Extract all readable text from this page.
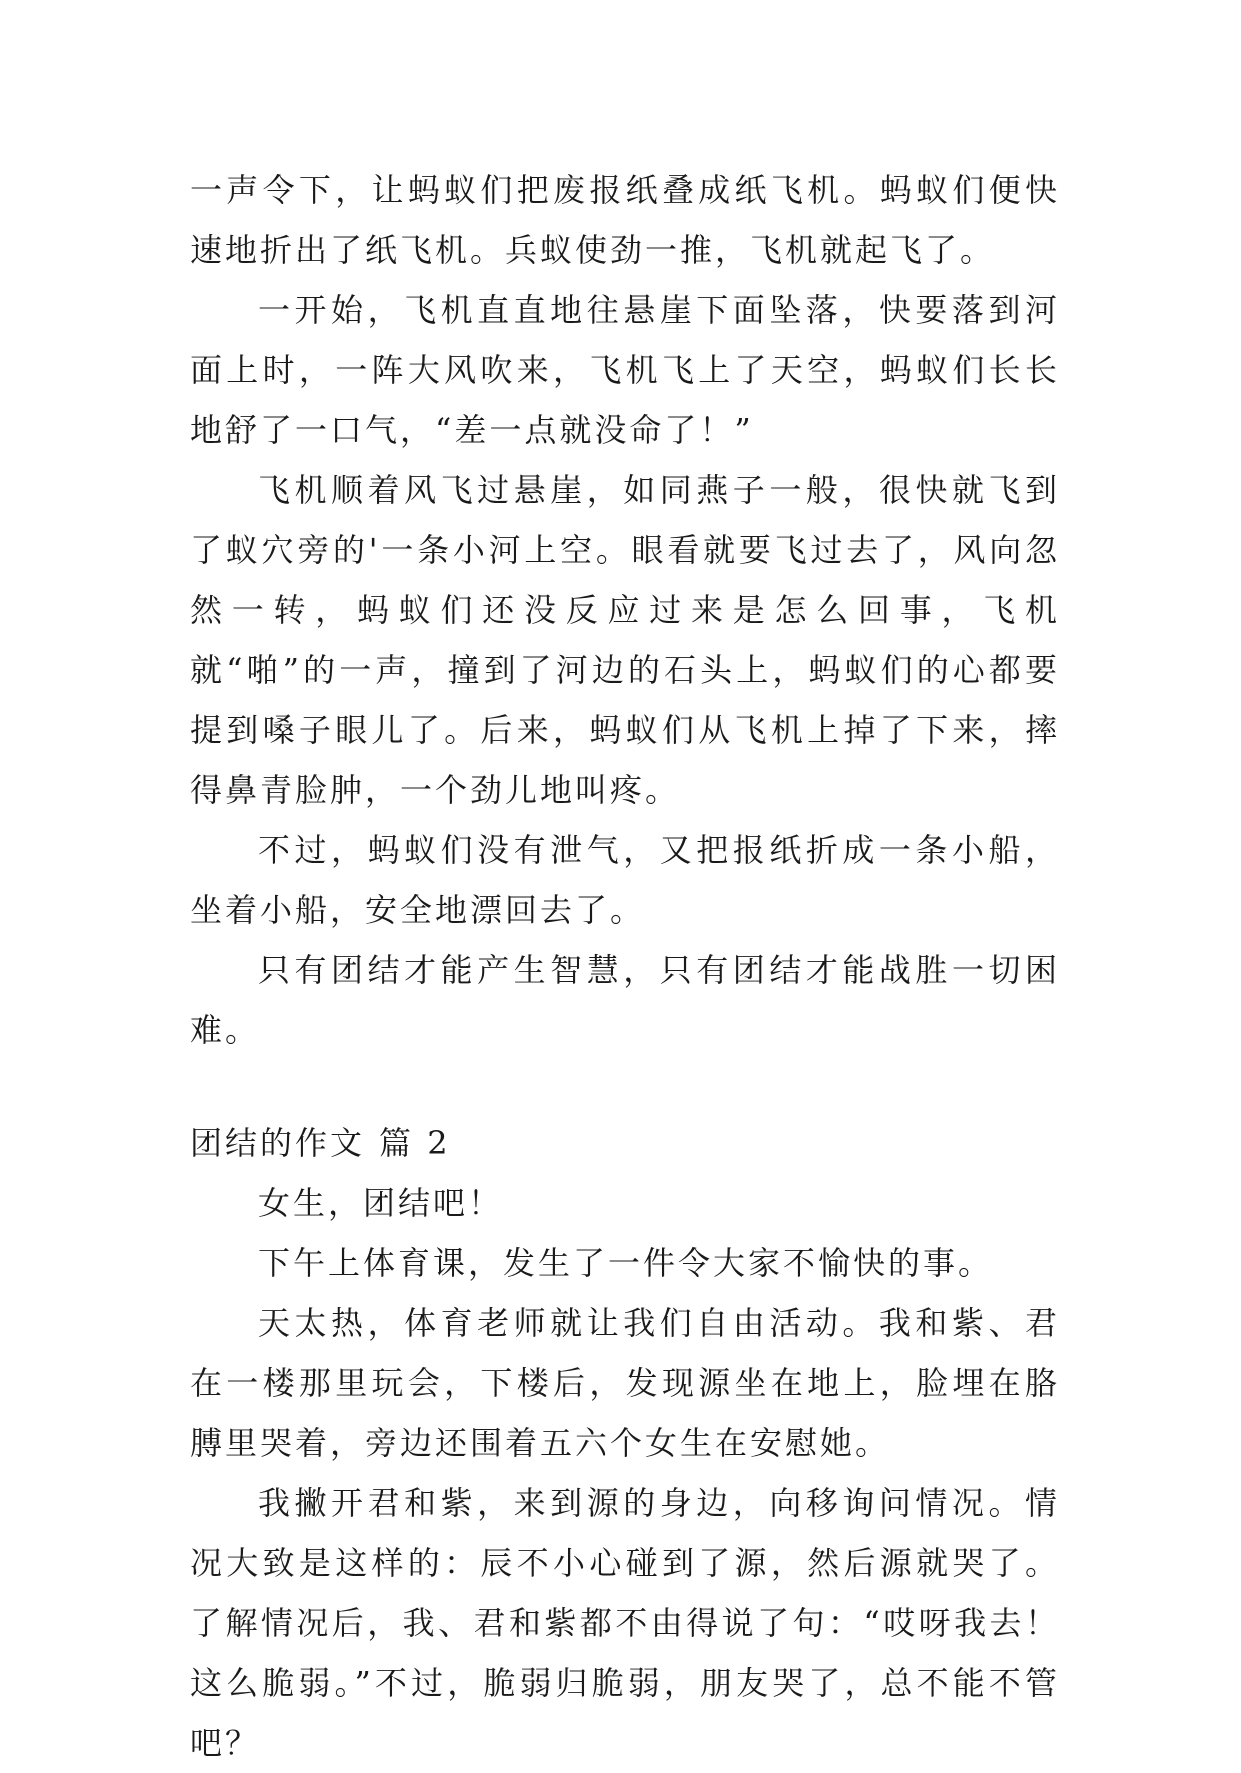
一声令下，让蚂蚁们把废报纸叠成纸飞机。蚂蚁们便快速地折出了纸飞机。兵蚁使劲一推，飞机就起飞了。

一开始，飞机直直地往悬崖下面坠落，快要落到河面上时，一阵大风吹来，飞机飞上了天空，蚂蚁们长长地舒了一口气，“差一点就没命了！”

飞机顺着风飞过悬崖，如同燕子一般，很快就飞到了蚁穴旁的'一条小河上空。眼看就要飞过去了，风向忽然一转，蚂蚁们还没反应过来是怎么回事，飞机就“啪”的一声，撞到了河边的石头上，蚂蚁们的心都要提到嗓子眼儿了。后来，蚂蚁们从飞机上掉了下来，摔得鼻青脸肿，一个劲儿地叫疼。

不过，蚂蚁们没有泄气，又把报纸折成一条小船，坐着小船，安全地漂回去了。

只有团结才能产生智慧，只有团结才能战胜一切困难。

团结的作文 篇 2

女生，团结吧！

下午上体育课，发生了一件令大家不愉快的事。

天太热，体育老师就让我们自由活动。我和紫、君在一楼那里玩会，下楼后，发现源坐在地上，脸埋在胳膊里哭着，旁边还围着五六个女生在安慰她。

我撇开君和紫，来到源的身边，向移询问情况。情况大致是这样的：辰不小心碰到了源，然后源就哭了。了解情况后，我、君和紫都不由得说了句：“哎呀我去！这么脆弱。”不过，脆弱归脆弱，朋友哭了，总不能不管吧？
